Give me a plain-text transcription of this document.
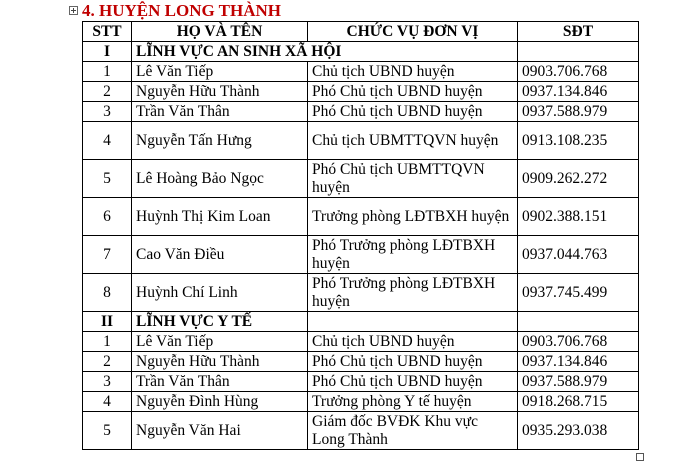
4. HUYỆN LONG THÀNH
STT	HỌ VÀ TÊN	CHỨC VỤ ĐƠN VỊ	SĐT
I	LĨNH VỰC AN SINH XÃ HỘI		
1	Lê Văn Tiếp	Chủ tịch UBND huyện	0903.706.768
2	Nguyễn Hữu Thành	Phó Chủ tịch UBND huyện	0937.134.846
3	Trần Văn Thân	Phó Chủ tịch UBND huyện	0937.588.979
4	Nguyễn Tấn Hưng	Chủ tịch UBMTTQVN huyện	0913.108.235
5	Lê Hoàng Bảo Ngọc	Phó Chủ tịch UBMTTQVN huyện	0909.262.272
6	Huỳnh Thị Kim Loan	Trưởng phòng LĐTBXH huyện	0902.388.151
7	Cao Văn Điều	Phó Trưởng phòng LĐTBXH huyện	0937.044.763
8	Huỳnh Chí Linh	Phó Trưởng phòng LĐTBXH huyện	0937.745.499
II	LĨNH VỰC Y TẾ		
1	Lê Văn Tiếp	Chủ tịch UBND huyện	0903.706.768
2	Nguyễn Hữu Thành	Phó Chủ tịch UBND huyện	0937.134.846
3	Trần Văn Thân	Phó Chủ tịch UBND huyện	0937.588.979
4	Nguyễn Đình Hùng	Trưởng phòng Y tế huyện	0918.268.715
5	Nguyễn Văn Hai	Giám đốc BVĐK Khu vực Long Thành	0935.293.038
